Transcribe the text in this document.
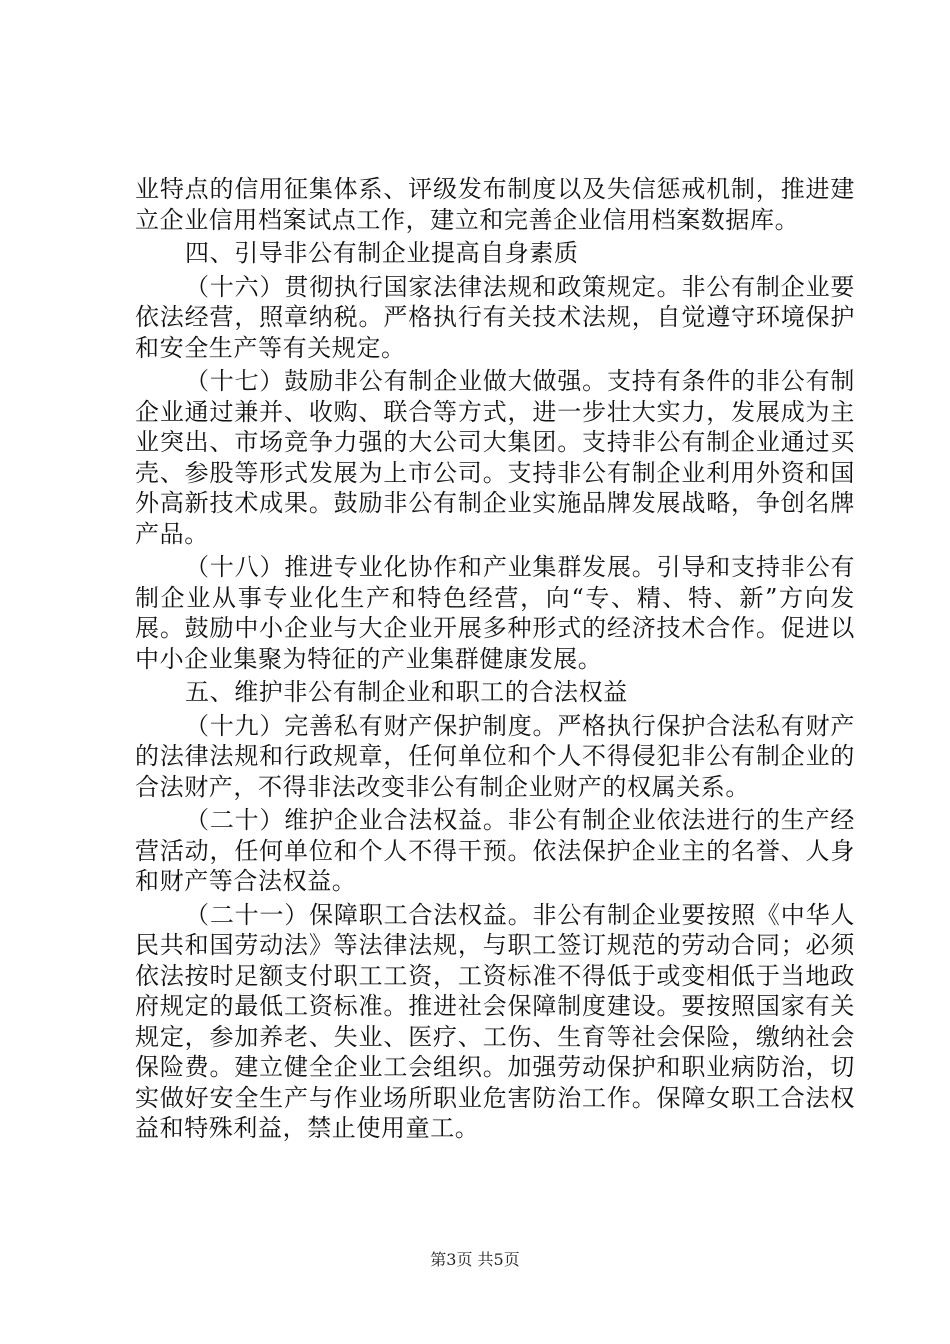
业特点的信用征集体系、评级发布制度以及失信惩戒机制，推进建立企业信用档案试点工作，建立和完善企业信用档案数据库。

四、引导非公有制企业提高自身素质

（十六）贯彻执行国家法律法规和政策规定。非公有制企业要依法经营，照章纳税。严格执行有关技术法规，自觉遵守环境保护和安全生产等有关规定。

（十七）鼓励非公有制企业做大做强。支持有条件的非公有制企业通过兼并、收购、联合等方式，进一步壮大实力，发展成为主业突出、市场竞争力强的大公司大集团。支持非公有制企业通过买壳、参股等形式发展为上市公司。支持非公有制企业利用外资和国外高新技术成果。鼓励非公有制企业实施品牌发展战略，争创名牌产品。

（十八）推进专业化协作和产业集群发展。引导和支持非公有制企业从事专业化生产和特色经营，向“专、精、特、新”方向发展。鼓励中小企业与大企业开展多种形式的经济技术合作。促进以中小企业集聚为特征的产业集群健康发展。

五、维护非公有制企业和职工的合法权益

（十九）完善私有财产保护制度。严格执行保护合法私有财产的法律法规和行政规章，任何单位和个人不得侵犯非公有制企业的合法财产，不得非法改变非公有制企业财产的权属关系。

（二十）维护企业合法权益。非公有制企业依法进行的生产经营活动，任何单位和个人不得干预。依法保护企业主的名誉、人身和财产等合法权益。

（二十一）保障职工合法权益。非公有制企业要按照《中华人民共和国劳动法》等法律法规，与职工签订规范的劳动合同；必须依法按时足额支付职工工资，工资标准不得低于或变相低于当地政府规定的最低工资标准。推进社会保障制度建设。要按照国家有关规定，参加养老、失业、医疗、工伤、生育等社会保险，缴纳社会保险费。建立健全企业工会组织。加强劳动保护和职业病防治，切实做好安全生产与作业场所职业危害防治工作。保障女职工合法权益和特殊利益，禁止使用童工。

第3页 共5页
